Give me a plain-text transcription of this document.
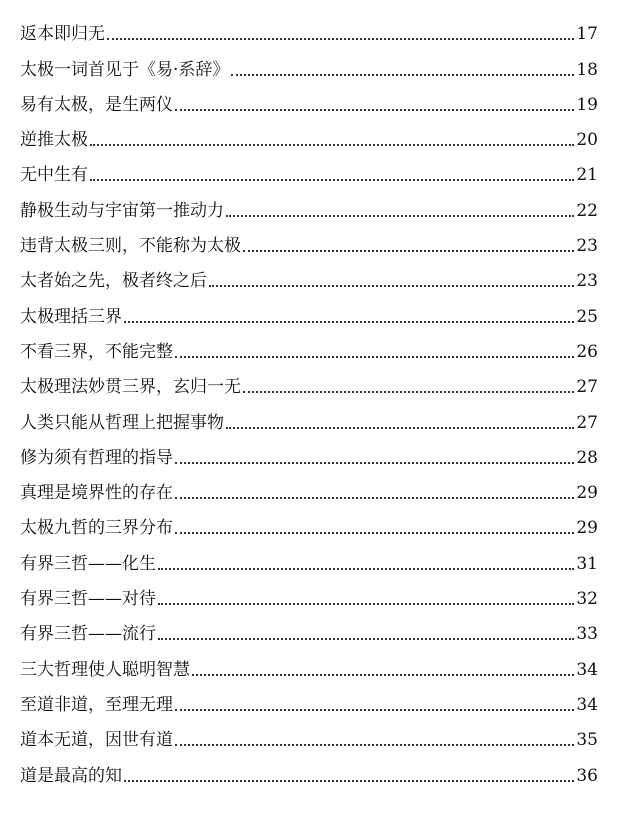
返本即归无	17
太极一词首见于《易·系辞》	18
易有太极，是生两仪	19
逆推太极	20
无中生有	21
静极生动与宇宙第一推动力	22
违背太极三则，不能称为太极	23
太者始之先，极者终之后	23
太极理括三界	25
不看三界，不能完整	26
太极理法妙贯三界，玄归一无	27
人类只能从哲理上把握事物	27
修为须有哲理的指导	28
真理是境界性的存在	29
太极九哲的三界分布	29
有界三哲——化生	31
有界三哲——对待	32
有界三哲——流行	33
三大哲理使人聪明智慧	34
至道非道，至理无理	34
道本无道，因世有道	35
道是最高的知	36
